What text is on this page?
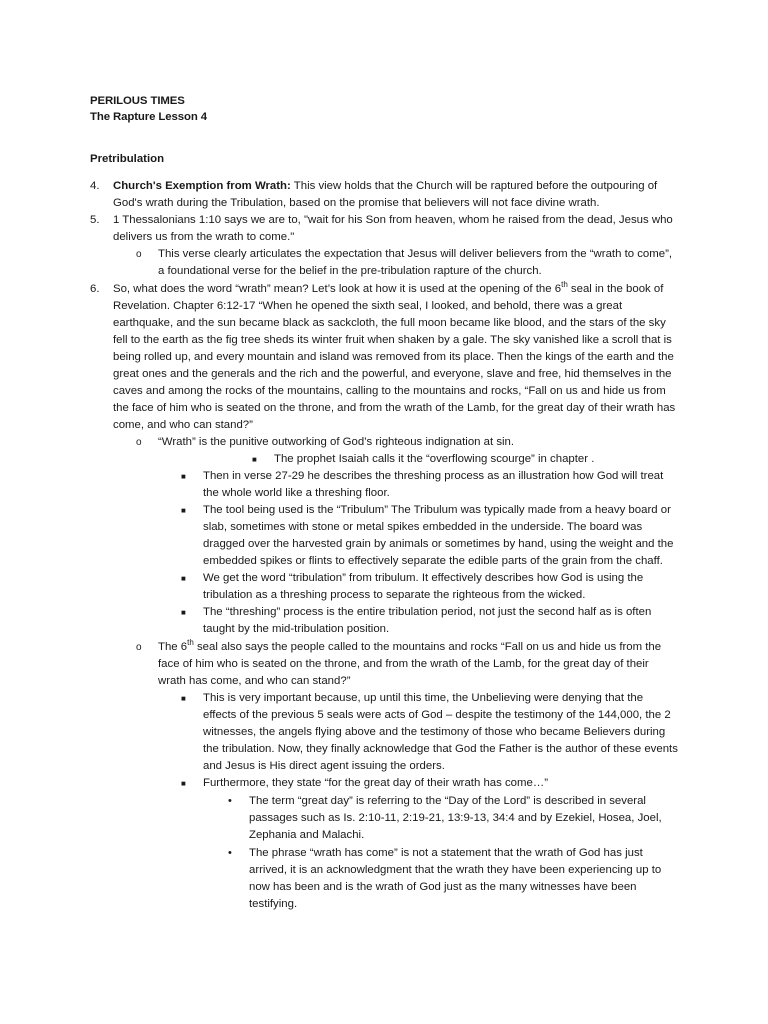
PERILOUS TIMES
The Rapture Lesson 4
Pretribulation
4. Church's Exemption from Wrath: This view holds that the Church will be raptured before the outpouring of God's wrath during the Tribulation, based on the promise that believers will not face divine wrath.
5. 1 Thessalonians 1:10 says we are to, "wait for his Son from heaven, whom he raised from the dead, Jesus who delivers us from the wrath to come."
o This verse clearly articulates the expectation that Jesus will deliver believers from the “wrath to come”, a foundational verse for the belief in the pre-tribulation rapture of the church.
6. So, what does the word “wrath” mean? Let’s look at how it is used at the opening of the 6th seal in the book of Revelation. Chapter 6:12-17 “When he opened the sixth seal, I looked, and behold, there was a great earthquake, and the sun became black as sackcloth, the full moon became like blood, and the stars of the sky fell to the earth as the fig tree sheds its winter fruit when shaken by a gale. The sky vanished like a scroll that is being rolled up, and every mountain and island was removed from its place. Then the kings of the earth and the great ones and the generals and the rich and the powerful, and everyone, slave and free, hid themselves in the caves and among the rocks of the mountains, calling to the mountains and rocks, “Fall on us and hide us from the face of him who is seated on the throne, and from the wrath of the Lamb, for the great day of their wrath has come, and who can stand?”
o “Wrath” is the punitive outworking of God’s righteous indignation at sin.
■ The prophet Isaiah calls it the “overflowing scourge” in chapter .
■ Then in verse 27-29 he describes the threshing process as an illustration how God will treat the whole world like a threshing floor.
■ The tool being used is the “Tribulum” The Tribulum was typically made from a heavy board or slab, sometimes with stone or metal spikes embedded in the underside. The board was dragged over the harvested grain by animals or sometimes by hand, using the weight and the embedded spikes or flints to effectively separate the edible parts of the grain from the chaff.
■ We get the word “tribulation” from tribulum. It effectively describes how God is using the tribulation as a threshing process to separate the righteous from the wicked.
■ The “threshing” process is the entire tribulation period, not just the second half as is often taught by the mid-tribulation position.
o The 6th seal also says the people called to the mountains and rocks “Fall on us and hide us from the face of him who is seated on the throne, and from the wrath of the Lamb, for the great day of their wrath has come, and who can stand?”
■ This is very important because, up until this time, the Unbelieving were denying that the effects of the previous 5 seals were acts of God – despite the testimony of the 144,000, the 2 witnesses, the angels flying above and the testimony of those who became Believers during the tribulation. Now, they finally acknowledge that God the Father is the author of these events and Jesus is His direct agent issuing the orders.
■ Furthermore, they state “for the great day of their wrath has come…”
• The term “great day” is referring to the “Day of the Lord” is described in several passages such as Is. 2:10-11, 2:19-21, 13:9-13, 34:4 and by Ezekiel, Hosea, Joel, Zephania and Malachi.
• The phrase “wrath has come” is not a statement that the wrath of God has just arrived, it is an acknowledgment that the wrath they have been experiencing up to now has been and is the wrath of God just as the many witnesses have been testifying.
